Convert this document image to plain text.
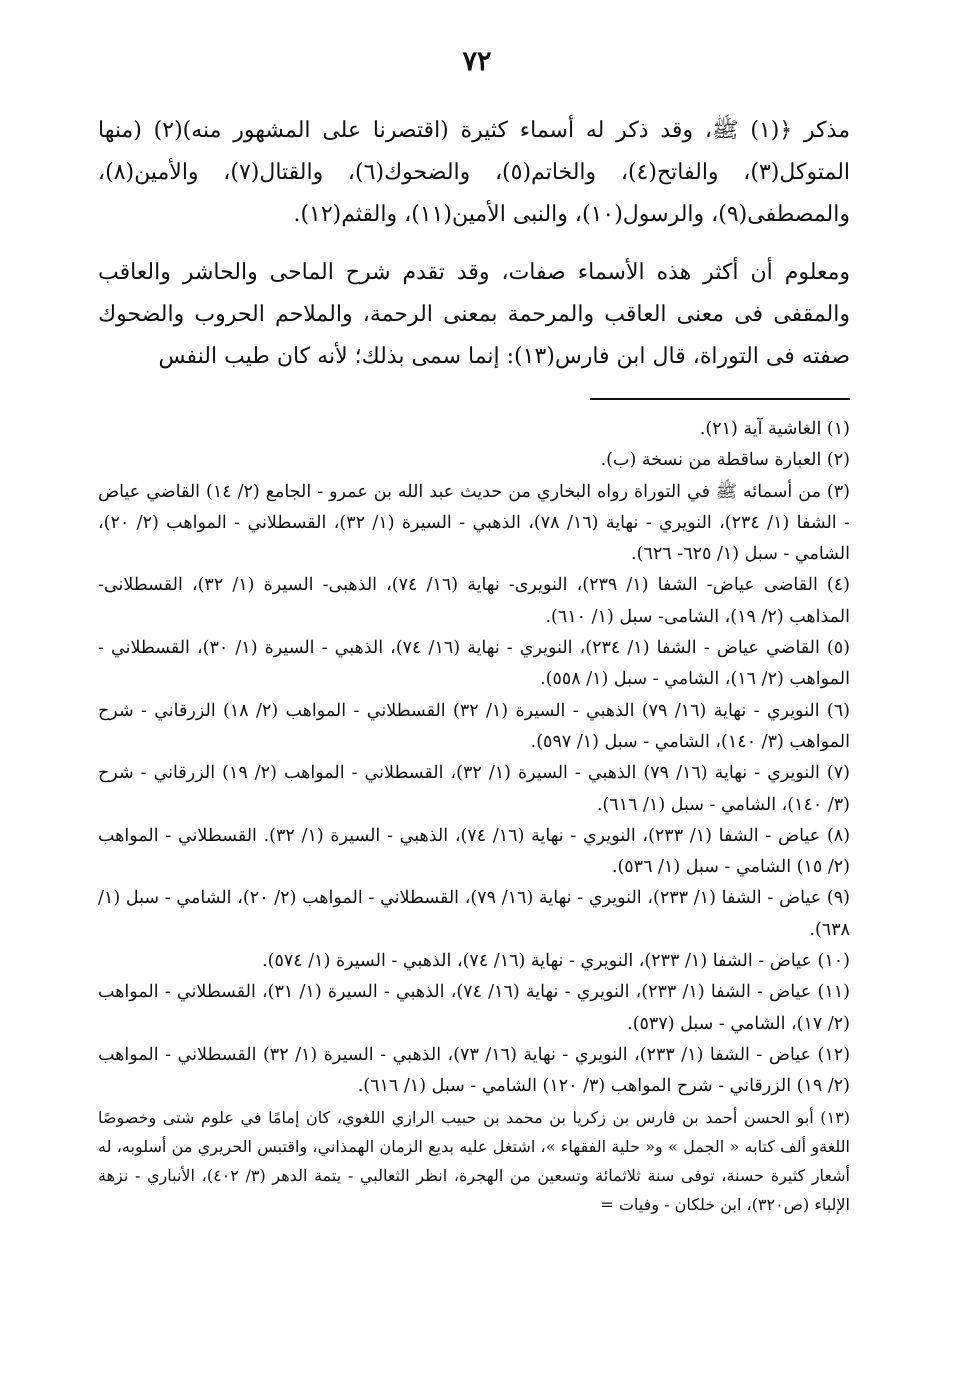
٧٢

مذكر ﴿(١) ﷺ، وقد ذكر له أسماء كثيرة (اقتصرنا على المشهور منه)(٢) (منها المتوكل(٣)، والفاتح(٤)، والخاتم(٥)، والضحوك(٦)، والقتال(٧)، والأمين(٨)، والمصطفى(٩)، والرسول(١٠)، والنبى الأمين(١١)، والقثم(١٢).

ومعلوم أن أكثر هذه الأسماء صفات، وقد تقدم شرح الماحى والحاشر والعاقب والمقفى فى معنى العاقب والمرحمة بمعنى الرحمة، والملاحم الحروب والضحوك صفته فى التوراة، قال ابن فارس(١٣): إنما سمى بذلك؛ لأنه كان طيب النفس

(١) الغاشية آية (٢١).

(٢) العبارة ساقطة من نسخة (ب).

(٣) من أسمائه ﷺ في التوراة رواه البخاري من حديث عبد الله بن عمرو - الجامع (٢/ ١٤) القاضي عياض - الشفا (١/ ٢٣٤)، النويري - نهاية (١٦/ ٧٨)، الذهبي - السيرة (١/ ٣٢)، القسطلاني - المواهب (٢/ ٢٠)، الشامي - سبل (١/ ٦٢٥- ٦٢٦).

(٤) القاضى عياض- الشفا (١/ ٢٣٩)، النويرى- نهاية (١٦/ ٧٤)، الذهبى- السيرة (١/ ٣٢)، القسطلانى- المذاهب (٢/ ١٩)، الشامى- سبل (١/ ٦١٠).

(٥) القاضي عياض - الشفا (١/ ٢٣٤)، النويري - نهاية (١٦/ ٧٤)، الذهبي - السيرة (١/ ٣٠)، القسطلاني - المواهب (٢/ ١٦)، الشامي - سبل (١/ ٥٥٨).

(٦) النويري - نهاية (١٦/ ٧٩) الذهبي - السيرة (١/ ٣٢) القسطلاني - المواهب (٢/ ١٨) الزرقاني - شرح المواهب (٣/ ١٤٠)، الشامي - سبل (١/ ٥٩٧).

(٧) النويري - نهاية (١٦/ ٧٩) الذهبي - السيرة (١/ ٣٢)، القسطلاني - المواهب (٢/ ١٩) الزرقاني - شرح (٣/ ١٤٠)، الشامي - سبل (١/ ٦١٦).

(٨) عياض - الشفا (١/ ٢٣٣)، النويري - نهاية (١٦/ ٧٤)، الذهبي - السيرة (١/ ٣٢). القسطلاني - المواهب (٢/ ١٥) الشامي - سبل (١/ ٥٣٦).

(٩) عياض - الشفا (١/ ٢٣٣)، النويري - نهاية (١٦/ ٧٩)، القسطلاني - المواهب (٢/ ٢٠)، الشامي - سبل (١/ ٦٣٨).

(١٠) عياض - الشفا (١/ ٢٣٣)، النويري - نهاية (١٦/ ٧٤)، الذهبي - السيرة (١/ ٥٧٤).

(١١) عياض - الشفا (١/ ٢٣٣)، النويري - نهاية (١٦/ ٧٤)، الذهبي - السيرة (١/ ٣١)، القسطلاني - المواهب (٢/ ١٧)، الشامي - سبل (٥٣٧).

(١٢) عياض - الشفا (١/ ٢٣٣)، النويري - نهاية (١٦/ ٧٣)، الذهبي - السيرة (١/ ٣٢) القسطلاني - المواهب (٢/ ١٩) الزرقاني - شرح المواهب (٣/ ١٢٠) الشامي - سبل (١/ ٦١٦).

(١٣) أبو الحسن أحمد بن فارس بن زكريا بن محمد بن حبيب الرازي اللغوي، كان إمامًا في علوم شتى وخصوصًا اللغةو ألف كتابه « الجمل » و« حلية الفقهاء »، اشتغل عليه بديع الزمان الهمذاني، واقتبس الحريري من أسلوبه، له أشعار كثيرة حسنة، توفى سنة ثلاثمائة وتسعين من الهجرة، انظر الثعالبي - يتمة الدهر (٣/ ٤٠٢)، الأنباري - نزهة الإلباء (ص٣٢٠)، ابن خلكان - وفيات =
